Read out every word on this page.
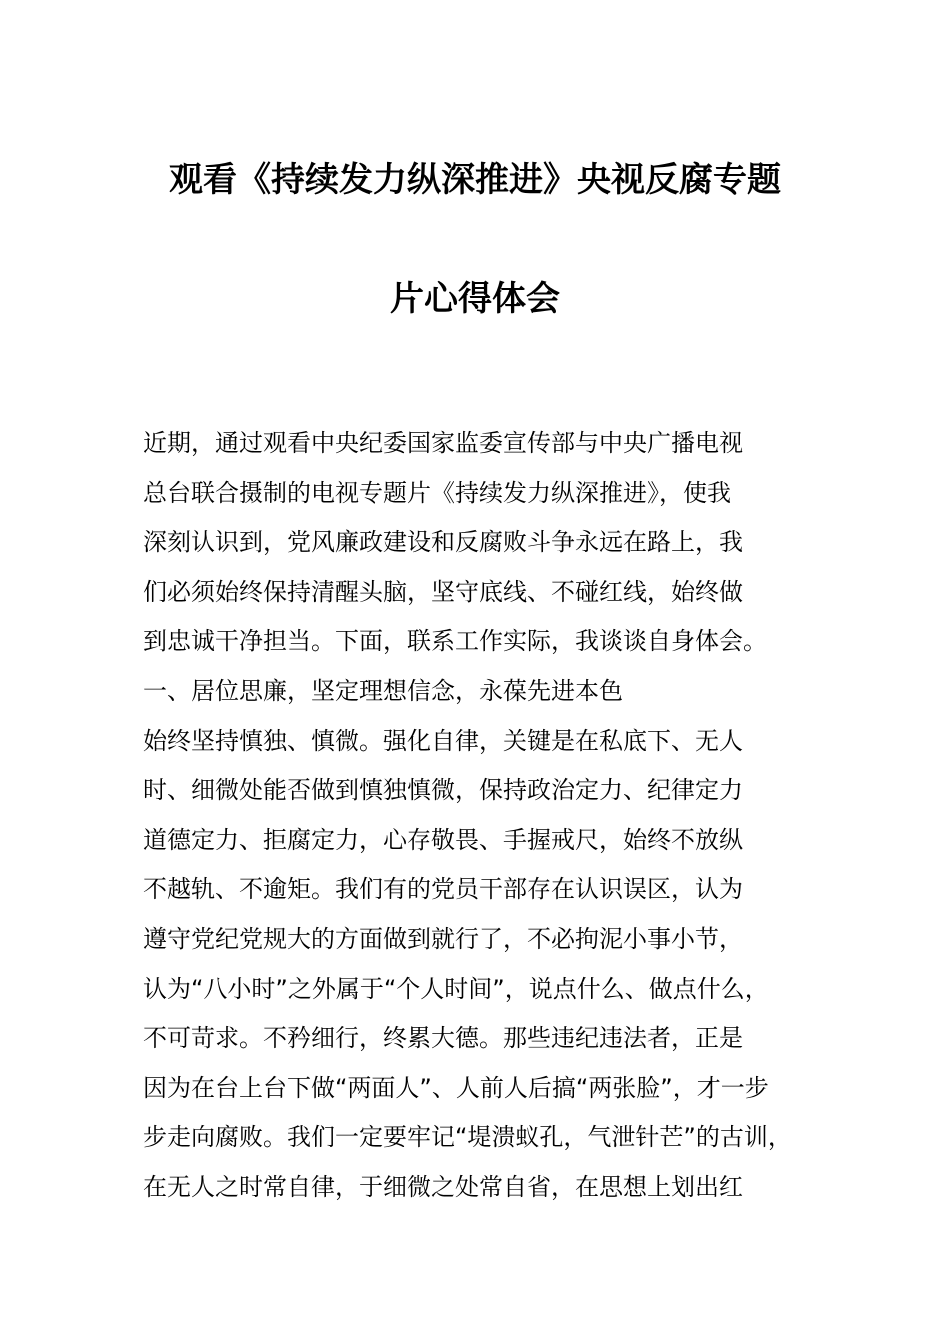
观看《持续发力纵深推进》央视反腐专题
片心得体会
近期，通过观看中央纪委国家监委宣传部与中央广播电视
总台联合摄制的电视专题片《持续发力纵深推进》，使我
深刻认识到，党风廉政建设和反腐败斗争永远在路上，我
们必须始终保持清醒头脑，坚守底线、不碰红线，始终做
到忠诚干净担当。下面，联系工作实际，我谈谈自身体会。
一、居位思廉，坚定理想信念，永葆先进本色
始终坚持慎独、慎微。强化自律，关键是在私底下、无人
时、细微处能否做到慎独慎微，保持政治定力、纪律定力
道德定力、拒腐定力，心存敬畏、手握戒尺，始终不放纵
不越轨、不逾矩。我们有的党员干部存在认识误区，认为
遵守党纪党规大的方面做到就行了，不必拘泥小事小节，
认为“八小时”之外属于“个人时间”，说点什么、做点什么，
不可苛求。不矜细行，终累大德。那些违纪违法者，正是
因为在台上台下做“两面人”、人前人后搞“两张脸”，才一步
步走向腐败。我们一定要牢记“堤溃蚁孔，气泄针芒”的古训，
在无人之时常自律，于细微之处常自省，在思想上划出红
